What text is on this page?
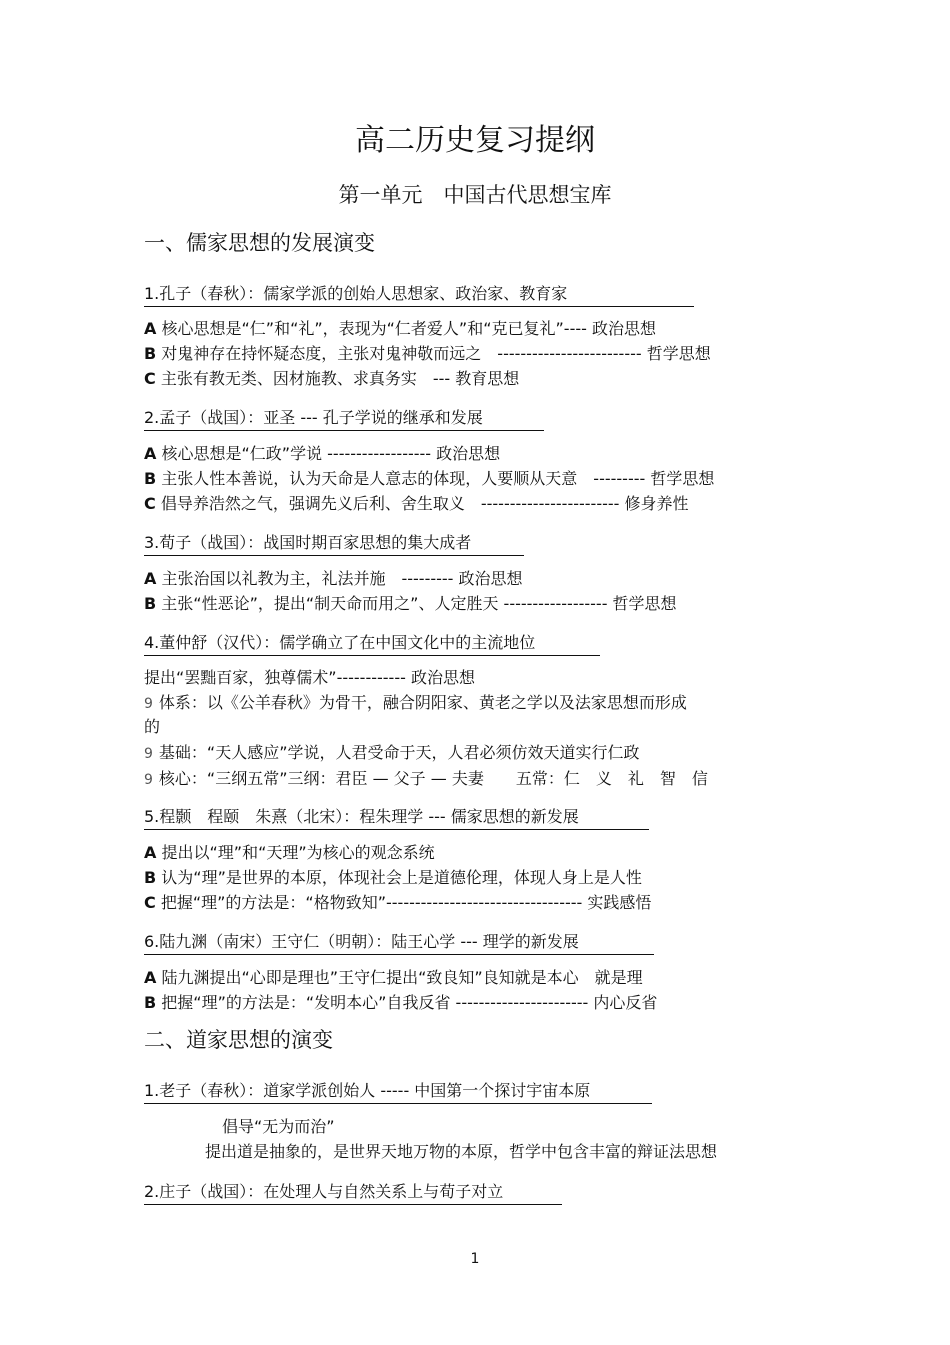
高二历史复习提纲
第一单元　中国古代思想宝库
一、儒家思想的发展演变
1.孔子（春秋）：儒家学派的创始人思想家、政治家、教育家
A 核心思想是“仁”和“礼”，表现为“仁者爱人”和“克已复礼”---- 政治思想
B 对鬼神存在持怀疑态度，主张对鬼神敬而远之　------------------------- 哲学思想
C 主张有教无类、因材施教、求真务实　--- 教育思想
2.孟子（战国）：亚圣 --- 孔子学说的继承和发展
A 核心思想是“仁政”学说 ------------------ 政治思想
B 主张人性本善说，认为天命是人意志的体现，人要顺从天意　--------- 哲学思想
C 倡导养浩然之气，强调先义后利、舍生取义　------------------------ 修身养性
3.荀子（战国）：战国时期百家思想的集大成者
A 主张治国以礼教为主，礼法并施　--------- 政治思想
B 主张“性恶论”，提出“制天命而用之”、人定胜天 ------------------ 哲学思想
4.董仲舒（汉代）：儒学确立了在中国文化中的主流地位
提出“罢黜百家，独尊儒术”------------ 政治思想
9 体系：以《公羊春秋》为骨干，融合阴阳家、黄老之学以及法家思想而形成
的
9 基础：“天人感应”学说，人君受命于天，人君必须仿效天道实行仁政
9 核心：“三纲五常”三纲：君臣 — 父子 — 夫妻　　五常：仁　义　礼　智　信
5.程颢　程颐　朱熹（北宋）：程朱理学 --- 儒家思想的新发展
A 提出以“理”和“天理”为核心的观念系统
B 认为“理”是世界的本原，体现社会上是道德伦理，体现人身上是人性
C 把握“理”的方法是：“格物致知”---------------------------------- 实践感悟
6.陆九渊（南宋）王守仁（明朝）：陆王心学 --- 理学的新发展
A 陆九渊提出“心即是理也”王守仁提出“致良知”良知就是本心　就是理
B 把握“理”的方法是：“发明本心”自我反省 ----------------------- 内心反省
二、道家思想的演变
1.老子（春秋）：道家学派创始人 ----- 中国第一个探讨宇宙本原
倡导“无为而治”
提出道是抽象的，是世界天地万物的本原，哲学中包含丰富的辩证法思想
2.庄子（战国）：在处理人与自然关系上与荀子对立
1
